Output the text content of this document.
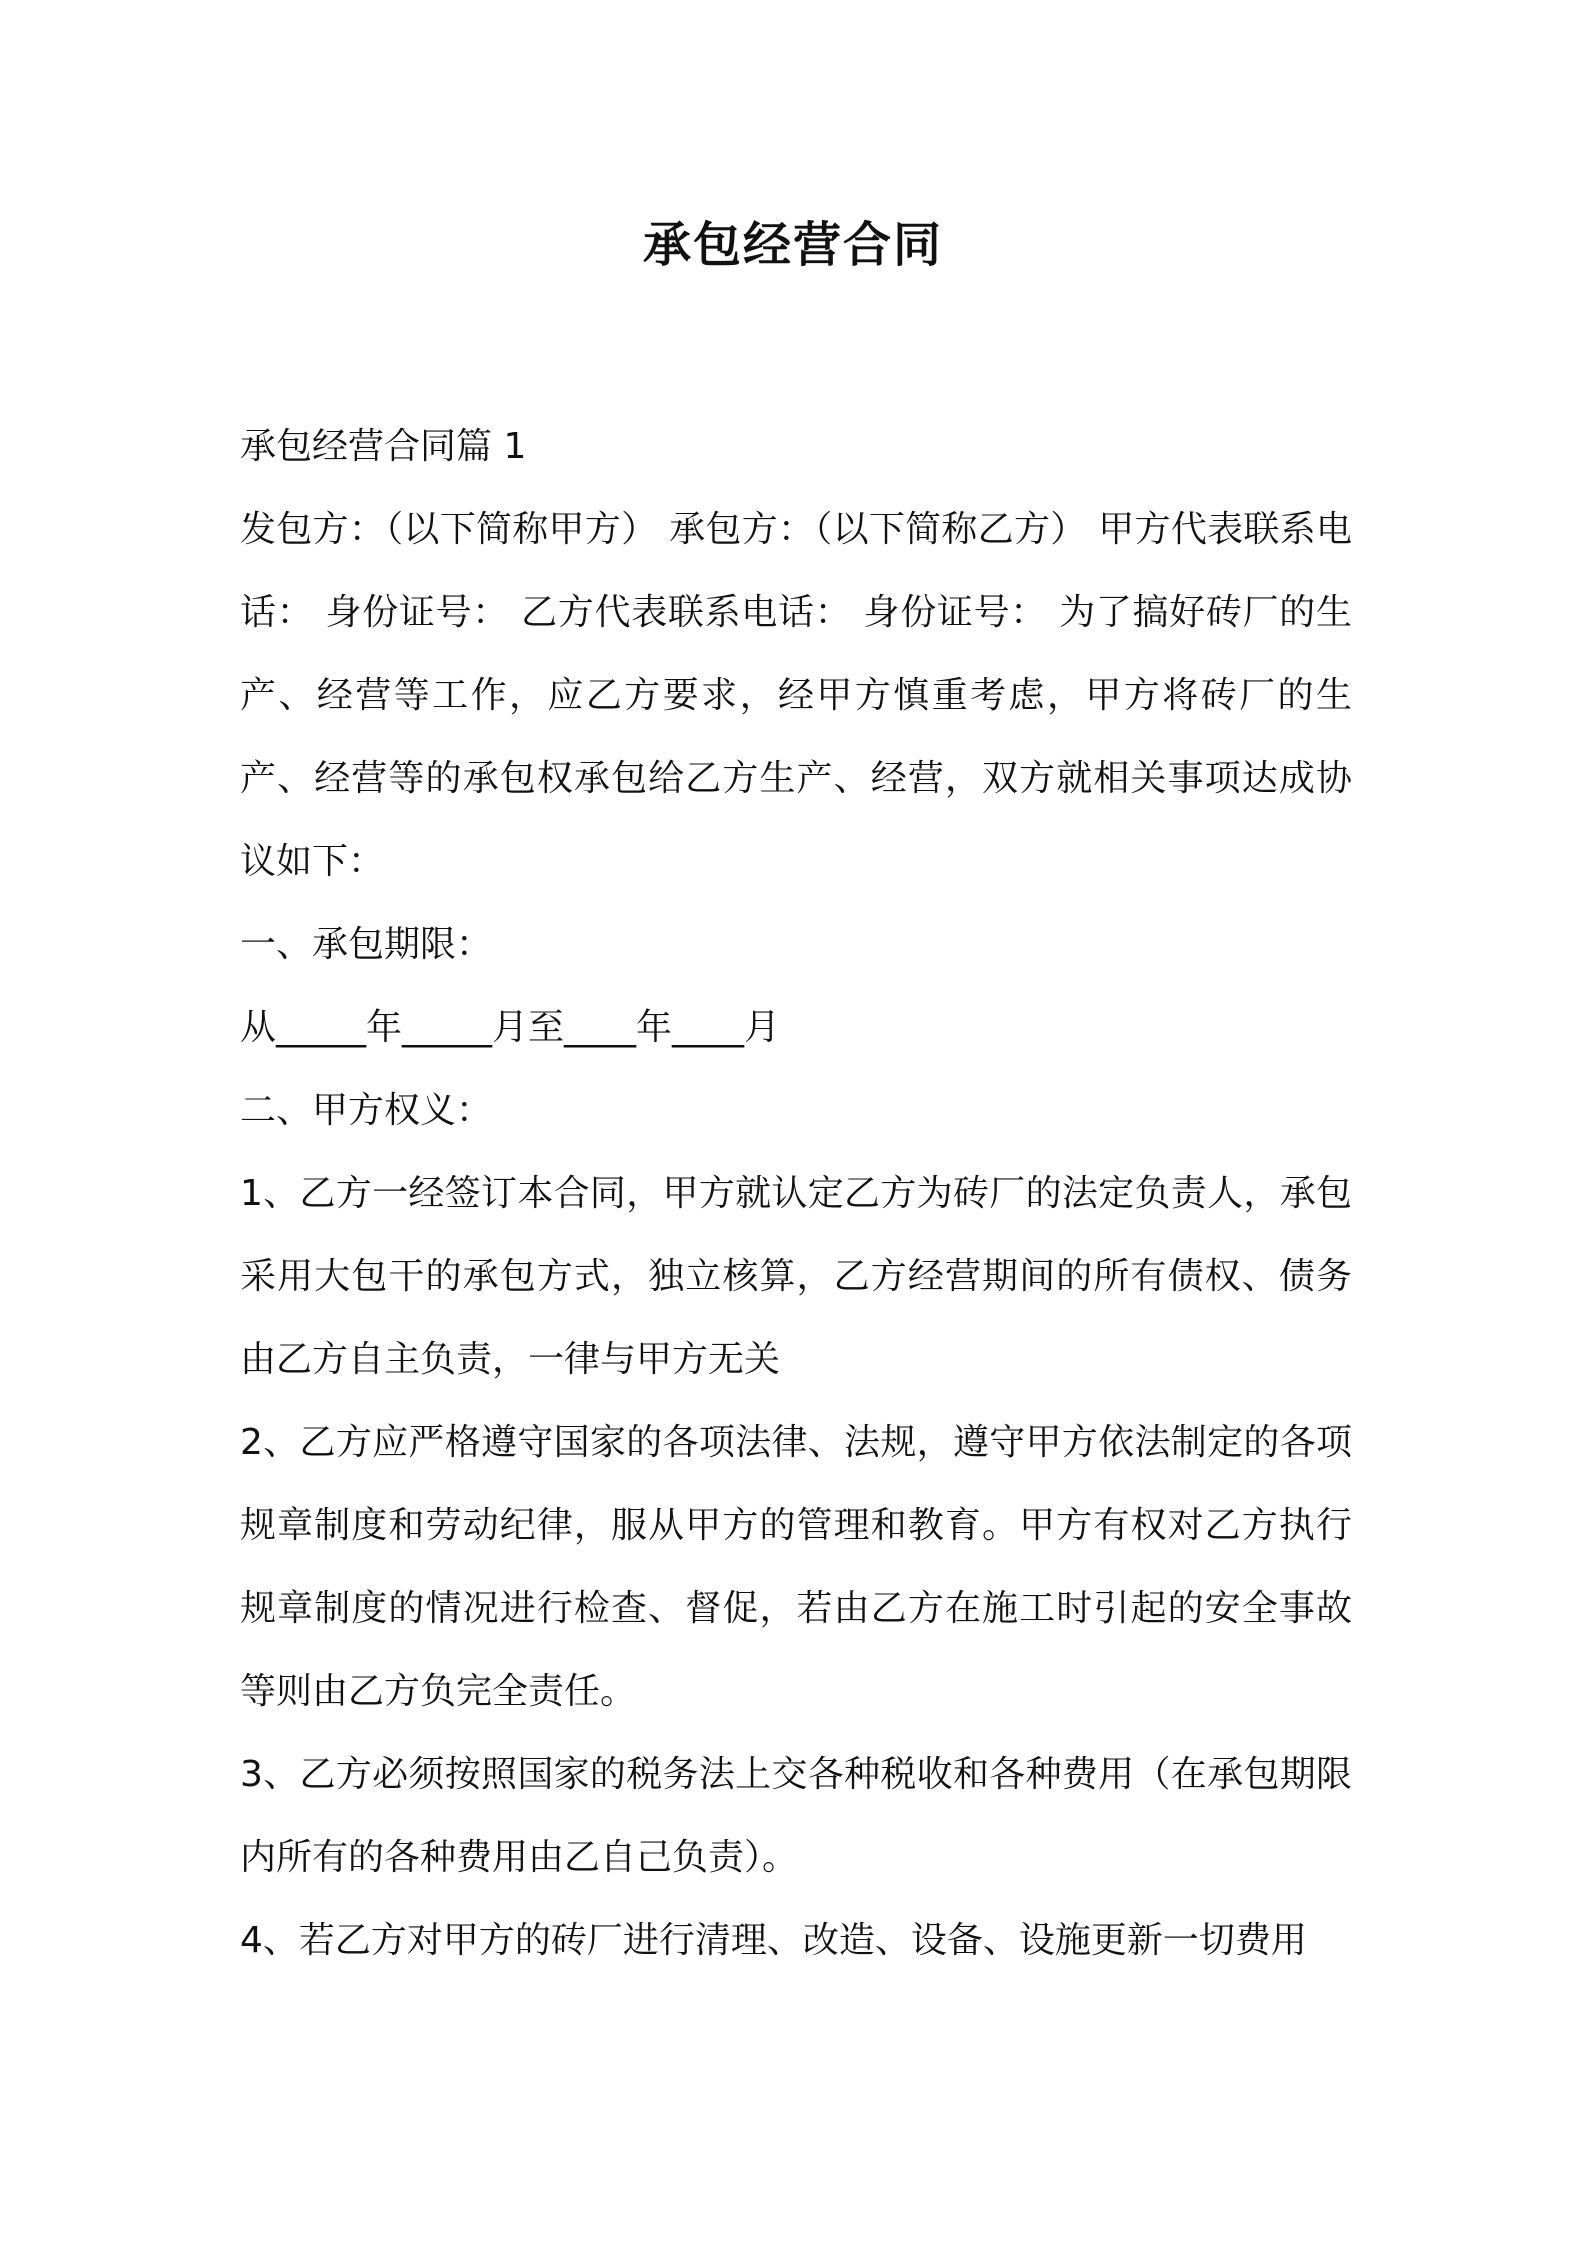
承包经营合同

承包经营合同篇 1

发包方：（以下简称甲方） 承包方：（以下简称乙方） 甲方代表联系电话： 身份证号： 乙方代表联系电话： 身份证号： 为了搞好砖厂的生产、经营等工作，应乙方要求，经甲方慎重考虑，甲方将砖厂的生产、经营等的承包权承包给乙方生产、经营，双方就相关事项达成协议如下：

一、承包期限：

从_____年_____月至____年____月

二、甲方权义：

1、乙方一经签订本合同，甲方就认定乙方为砖厂的法定负责人，承包采用大包干的承包方式，独立核算，乙方经营期间的所有债权、债务由乙方自主负责，一律与甲方无关

2、乙方应严格遵守国家的各项法律、法规，遵守甲方依法制定的各项规章制度和劳动纪律，服从甲方的管理和教育。甲方有权对乙方执行规章制度的情况进行检查、督促，若由乙方在施工时引起的安全事故等则由乙方负完全责任。

3、乙方必须按照国家的税务法上交各种税收和各种费用（在承包期限内所有的各种费用由乙自己负责）。

4、若乙方对甲方的砖厂进行清理、改造、设备、设施更新一切费用
